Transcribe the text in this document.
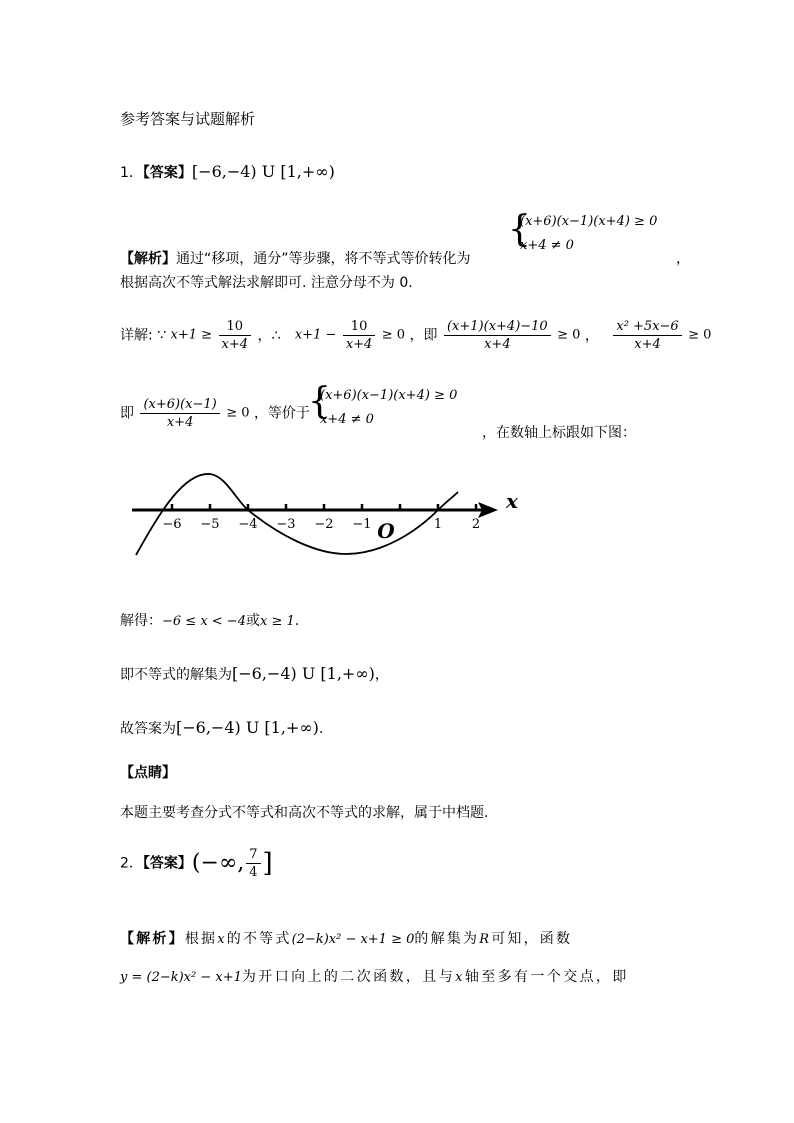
参考答案与试题解析
1．【答案】[−6,−4) U [1,+∞)
【解析】通过“移项，通分”等步骤，将不等式等价转化为
{
(x+6)(x−1)(x+4) ≥ 0
x+4 ≠ 0
，
根据高次不等式解法求解即可. 注意分母不为 0.
详解: ∵ $x+1 \ge \frac{10}{x+4}$ ，∴ $x+1 - \frac{10}{x+4} \ge 0$ ，即 $\frac{(x+1)(x+4)-10}{x+4} \ge 0$ ， $\frac{\text{x² +5x−6}}{x+4} \ge 0$
即 $\frac{(x+6)(x-1)}{x+4} \ge 0$ ，等价于
{
(x+6)(x−1)(x+4) ≥ 0
x+4 ≠ 0
，在数轴上标跟如下图：
x
−6 −5 −4 −3 −2 −1	1 2
O
解得：−6 ≤ x < −4或x ≥ 1.
即不等式的解集为[−6,−4) U [1,+∞)，
故答案为[−6,−4) U [1,+∞).
【点睛】
本题主要考查分式不等式和高次不等式的求解，属于中档题.
2．【答案】(−∞, $\frac{7}{4}$ ]
【解析】根据x的不等式(2−k)x² − x+1 ≥ 0的解集为R可知，函数
y = (2−k)x² − x+1为开口向上的二次函数，且与x轴至多有一个交点，即
